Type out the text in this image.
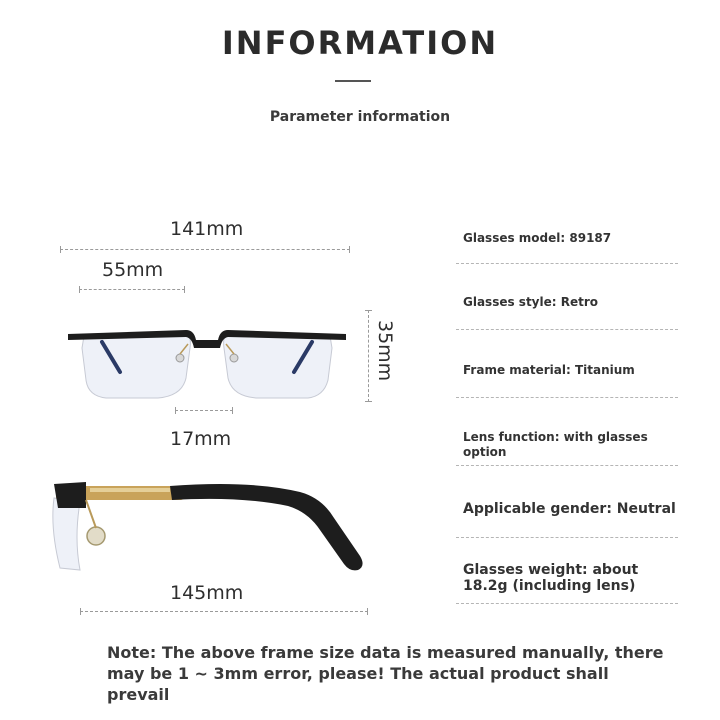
INFORMATION
Parameter information
141mm
55mm
35mm
17mm
145mm
Glasses model: 89187
Glasses style: Retro
Frame material: Titanium
Lens function: with glasses option
Applicable gender: Neutral
Glasses weight: about 18.2g (including lens)
Note: The above frame size data is measured manually, there may be 1 ~ 3mm error, please! The actual product shall prevail
